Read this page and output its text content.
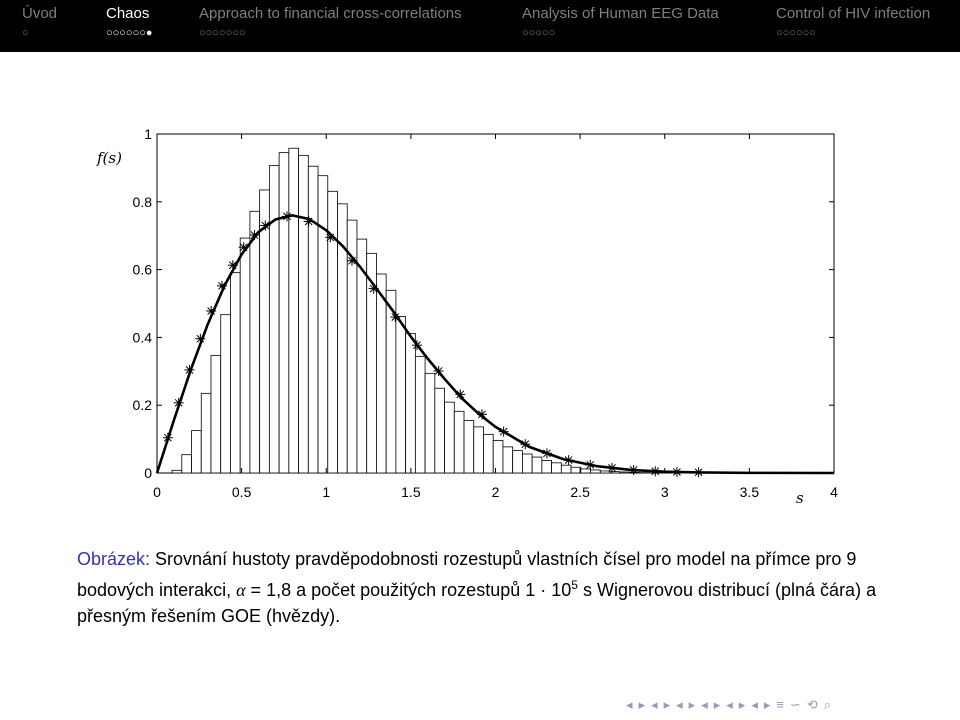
Úvod
○
Chaos
○○○○○○●
Approach to financial cross-correlations
○○○○○○○
Analysis of Human EEG Data
○○○○○
Control of HIV infection
○○○○○○
0	0.5	1	1.5	2	2.5	3	3.5	4
0
0.2
0.4
0.6
0.8
1
f(s)
s
Obrázek: Srovnání hustoty pravděpodobnosti rozestupů vlastních čísel pro model na přímce pro 9 bodových interakci, α = 1,8 a počet použitých rozestupů $1 \cdot 10^5$ s Wignerovou distribucí (plná čára) a přesným řešením GOE (hvězdy).
◂ ▸ ◂ ▸ ◂ ▸ ◂ ▸ ◂ ▸ ◂ ▸ ≡ ∽ ⟲ ⌕
